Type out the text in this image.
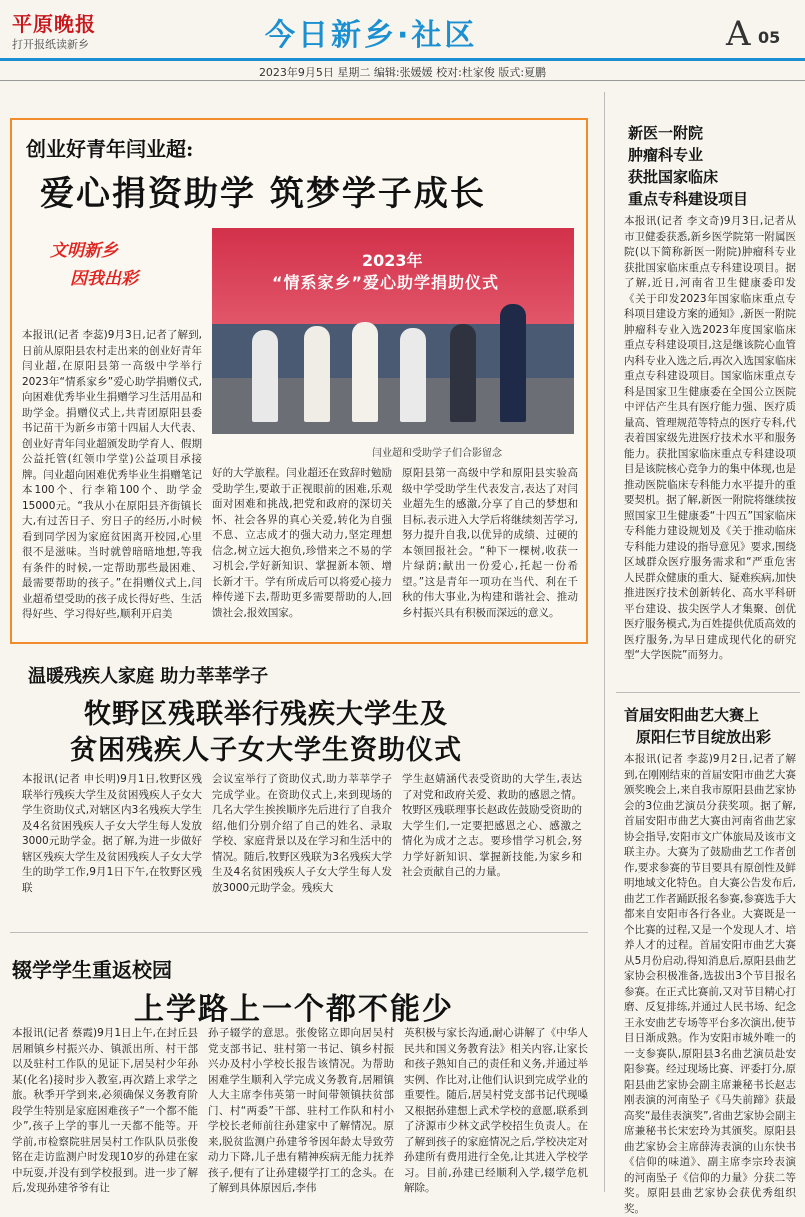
平原晚报
打开报纸读新乡	今日新乡·社区	A 05
2023年9月5日 星期二 编辑:张媛媛 校对:杜家俊 版式:夏鹏
创业好青年闫业超:
爱心捐资助学 筑梦学子成长
文明新乡
因我出彩
2023年
“情系家乡”爱心助学捐助仪式
闫业超和受助学子们合影留念
本报讯(记者 李蕊)9月3日,记者了解到,日前从原阳县农村走出来的创业好青年闫业超,在原阳县第一高级中学举行2023年“情系家乡”爱心助学捐赠仪式,向困难优秀毕业生捐赠学习生活用品和助学金。捐赠仪式上,共青团原阳县委书记苗干为新乡市第十四届人大代表、创业好青年闫业超颁发助学育人、假期公益托管(红领巾学堂)公益项目承接牌。闫业超向困难优秀毕业生捐赠笔记本100个、行李箱100个、助学金15000元。“我从小在原阳县齐街镇长大,有过苦日子、穷日子的经历,小时候看到同学因为家庭贫困离开校园,心里很不是滋味。当时就曾暗暗地想,等我有条件的时候,一定帮助那些最困难、最需要帮助的孩子。”在捐赠仪式上,闫业超希望受助的孩子成长得好些、生活得好些、学习得好些,顺利开启美
好的大学旅程。闫业超还在致辞时勉励受助学生,要敢于正视眼前的困难,乐观面对困难和挑战,把党和政府的深切关怀、社会各界的真心关爱,转化为自强不息、立志成才的强大动力,坚定理想信念,树立远大抱负,珍惜来之不易的学习机会,学好新知识、掌握新本领、增长新才干。学有所成后可以将爱心接力棒传递下去,帮助更多需要帮助的人,回馈社会,报效国家。
原阳县第一高级中学和原阳县实验高级中学受助学生代表发言,表达了对闫业超先生的感激,分享了自己的梦想和目标,表示进入大学后将继续刻苦学习,努力提升自我,以优异的成绩、过硬的本领回报社会。“种下一棵树,收获一片绿荫;献出一份爱心,托起一份希望。”这是青年一项功在当代、利在千秋的伟大事业,为构建和谐社会、推动乡村振兴具有积极而深远的意义。
温暖残疾人家庭 助力莘莘学子
牧野区残联举行残疾大学生及
贫困残疾人子女大学生资助仪式
本报讯(记者 申长明)9月1日,牧野区残联举行残疾大学生及贫困残疾人子女大学生资助仪式,对辖区内3名残疾大学生及4名贫困残疾人子女大学生每人发放3000元助学金。据了解,为进一步做好辖区残疾大学生及贫困残疾人子女大学生的助学工作,9月1日下午,在牧野区残联
会议室举行了资助仪式,助力莘莘学子完成学业。在资助仪式上,来到现场的几名大学生挨挨顺序先后进行了自我介绍,他们分别介绍了自己的姓名、录取学校、家庭背景以及在学习和生活中的情况。随后,牧野区残联为3名残疾大学生及4名贫困残疾人子女大学生每人发放3000元助学金。残疾大
学生赵婧涵代表受资助的大学生,表达了对党和政府关爱、救助的感恩之情。牧野区残联理事长赵政佐鼓励受资助的大学生们,一定要把感恩之心、感激之情化为成才之志。要珍惜学习机会,努力学好新知识、掌握新技能,为家乡和社会贡献自己的力量。
辍学学生重返校园
上学路上一个都不能少
本报讯(记者 蔡霞)9月1日上午,在封丘县居厢镇乡村振兴办、镇派出所、村干部以及驻村工作队的见证下,居吴村少年孙某(化名)接时步入教室,再次踏上求学之旅。秋季开学到来,必须确保义务教育阶段学生特别是家庭困难孩子“一个都不能少”,孩子上学的事儿一天都不能等。开学前,市检察院驻居吴村工作队队员张俊铭在走访监测户时发现10岁的孙建在家中玩耍,并没有到学校报到。进一步了解后,发现孙建爷爷有让
孙子辍学的意思。张俊铭立即向居吴村党支部书记、驻村第一书记、镇乡村振兴办及村小学校长报告该情况。为帮助困难学生顺利入学完成义务教育,居厢镇人大主席李伟英第一时间带领镇扶贫部门、村“两委”干部、驻村工作队和村小学校长老师前往孙建家中了解情况。原来,脱贫监测户孙建爷爷因年龄太导致劳动力下降,儿子患有精神疾病无能力抚养孩子,便有了让孙建辍学打工的念头。在了解到具体原因后,李伟
英积极与家长沟通,耐心讲解了《中华人民共和国义务教育法》相关内容,让家长和孩子熟知自己的责任和义务,并通过举实例、作比对,让他们认识到完成学业的重要性。随后,居吴村党支部书记代现嗓又根据孙建想上武术学校的意愿,联系到了济源市少林文武学校招生负责人。在了解到孩子的家庭情况之后,学校决定对孙建所有费用进行全免,让其进入学校学习。目前,孙建已经顺利入学,辍学危机解除。
新医一附院
肿瘤科专业
获批国家临床
重点专科建设项目
本报讯(记者 李文奇)9月3日,记者从市卫健委获悉,新乡医学院第一附属医院(以下简称新医一附院)肿瘤科专业获批国家临床重点专科建设项目。据了解,近日,河南省卫生健康委印发《关于印发2023年国家临床重点专科项目建设方案的通知》,新医一附院肿瘤科专业入选2023年度国家临床重点专科建设项目,这是继该院心血管内科专业入选之后,再次入选国家临床重点专科建设项目。国家临床重点专科是国家卫生健康委在全国公立医院中评估产生具有医疗能力强、医疗质量高、管理规范等特点的医疗专科,代表着国家级先进医疗技术水平和服务能力。获批国家临床重点专科建设项目是该院核心竞争力的集中体现,也是推动医院临床专科能力水平提升的重要契机。据了解,新医一附院将继续按照国家卫生健康委“十四五”国家临床专科能力建设规划及《关于推动临床专科能力建设的指导意见》要求,围绕区域群众医疗服务需求和“严重危害人民群众健康的重大、疑难疾病,加快推进医疗技术创新转化、高水平科研平台建设、拔尖医学人才集聚、创优医疗服务模式,为百姓提供优质高效的医疗服务,为早日建成现代化的研究型“大学医院”而努力。
首届安阳曲艺大赛上
原阳仨节目绽放出彩
本报讯(记者 李蕊)9月2日,记者了解到,在刚刚结束的首届安阳市曲艺大赛颁奖晚会上,来自我市原阳县曲艺家协会的3位曲艺演员分获奖项。据了解,首届安阳市曲艺大赛由河南省曲艺家协会指导,安阳市文广体旅局及该市文联主办。大赛为了鼓励曲艺工作者创作,要求参赛的节目要具有原创性及鲜明地域文化特色。自大赛公告发布后,曲艺工作者踊跃报名参赛,参赛选手大都来自安阳市各行各业。大赛既是一个比赛的过程,又是一个发现人才、培养人才的过程。首届安阳市曲艺大赛从5月份启动,得知消息后,原阳县曲艺家协会积极准备,选拔出3个节目报名参赛。在正式比赛前,又对节目精心打磨、反复排练,并通过人民书场、纪念王永安曲艺专场等平台多次演出,使节目日渐成熟。作为安阳市城外唯一的一支参赛队,原阳县3名曲艺演员赴安阳参赛。经过现场比赛、评委打分,原阳县曲艺家协会副主席兼秘书长赵志刚表演的河南坠子《马失前蹄》获最高奖“最佳表演奖”,省曲艺家协会副主席兼秘书长宋宏玲为其颁奖。原阳县曲艺家协会主席薛涛表演的山东快书《信仰的味道》、副主席李宗玲表演的河南坠子《信仰的力量》分获二等奖。原阳县曲艺家协会获优秀组织奖。
